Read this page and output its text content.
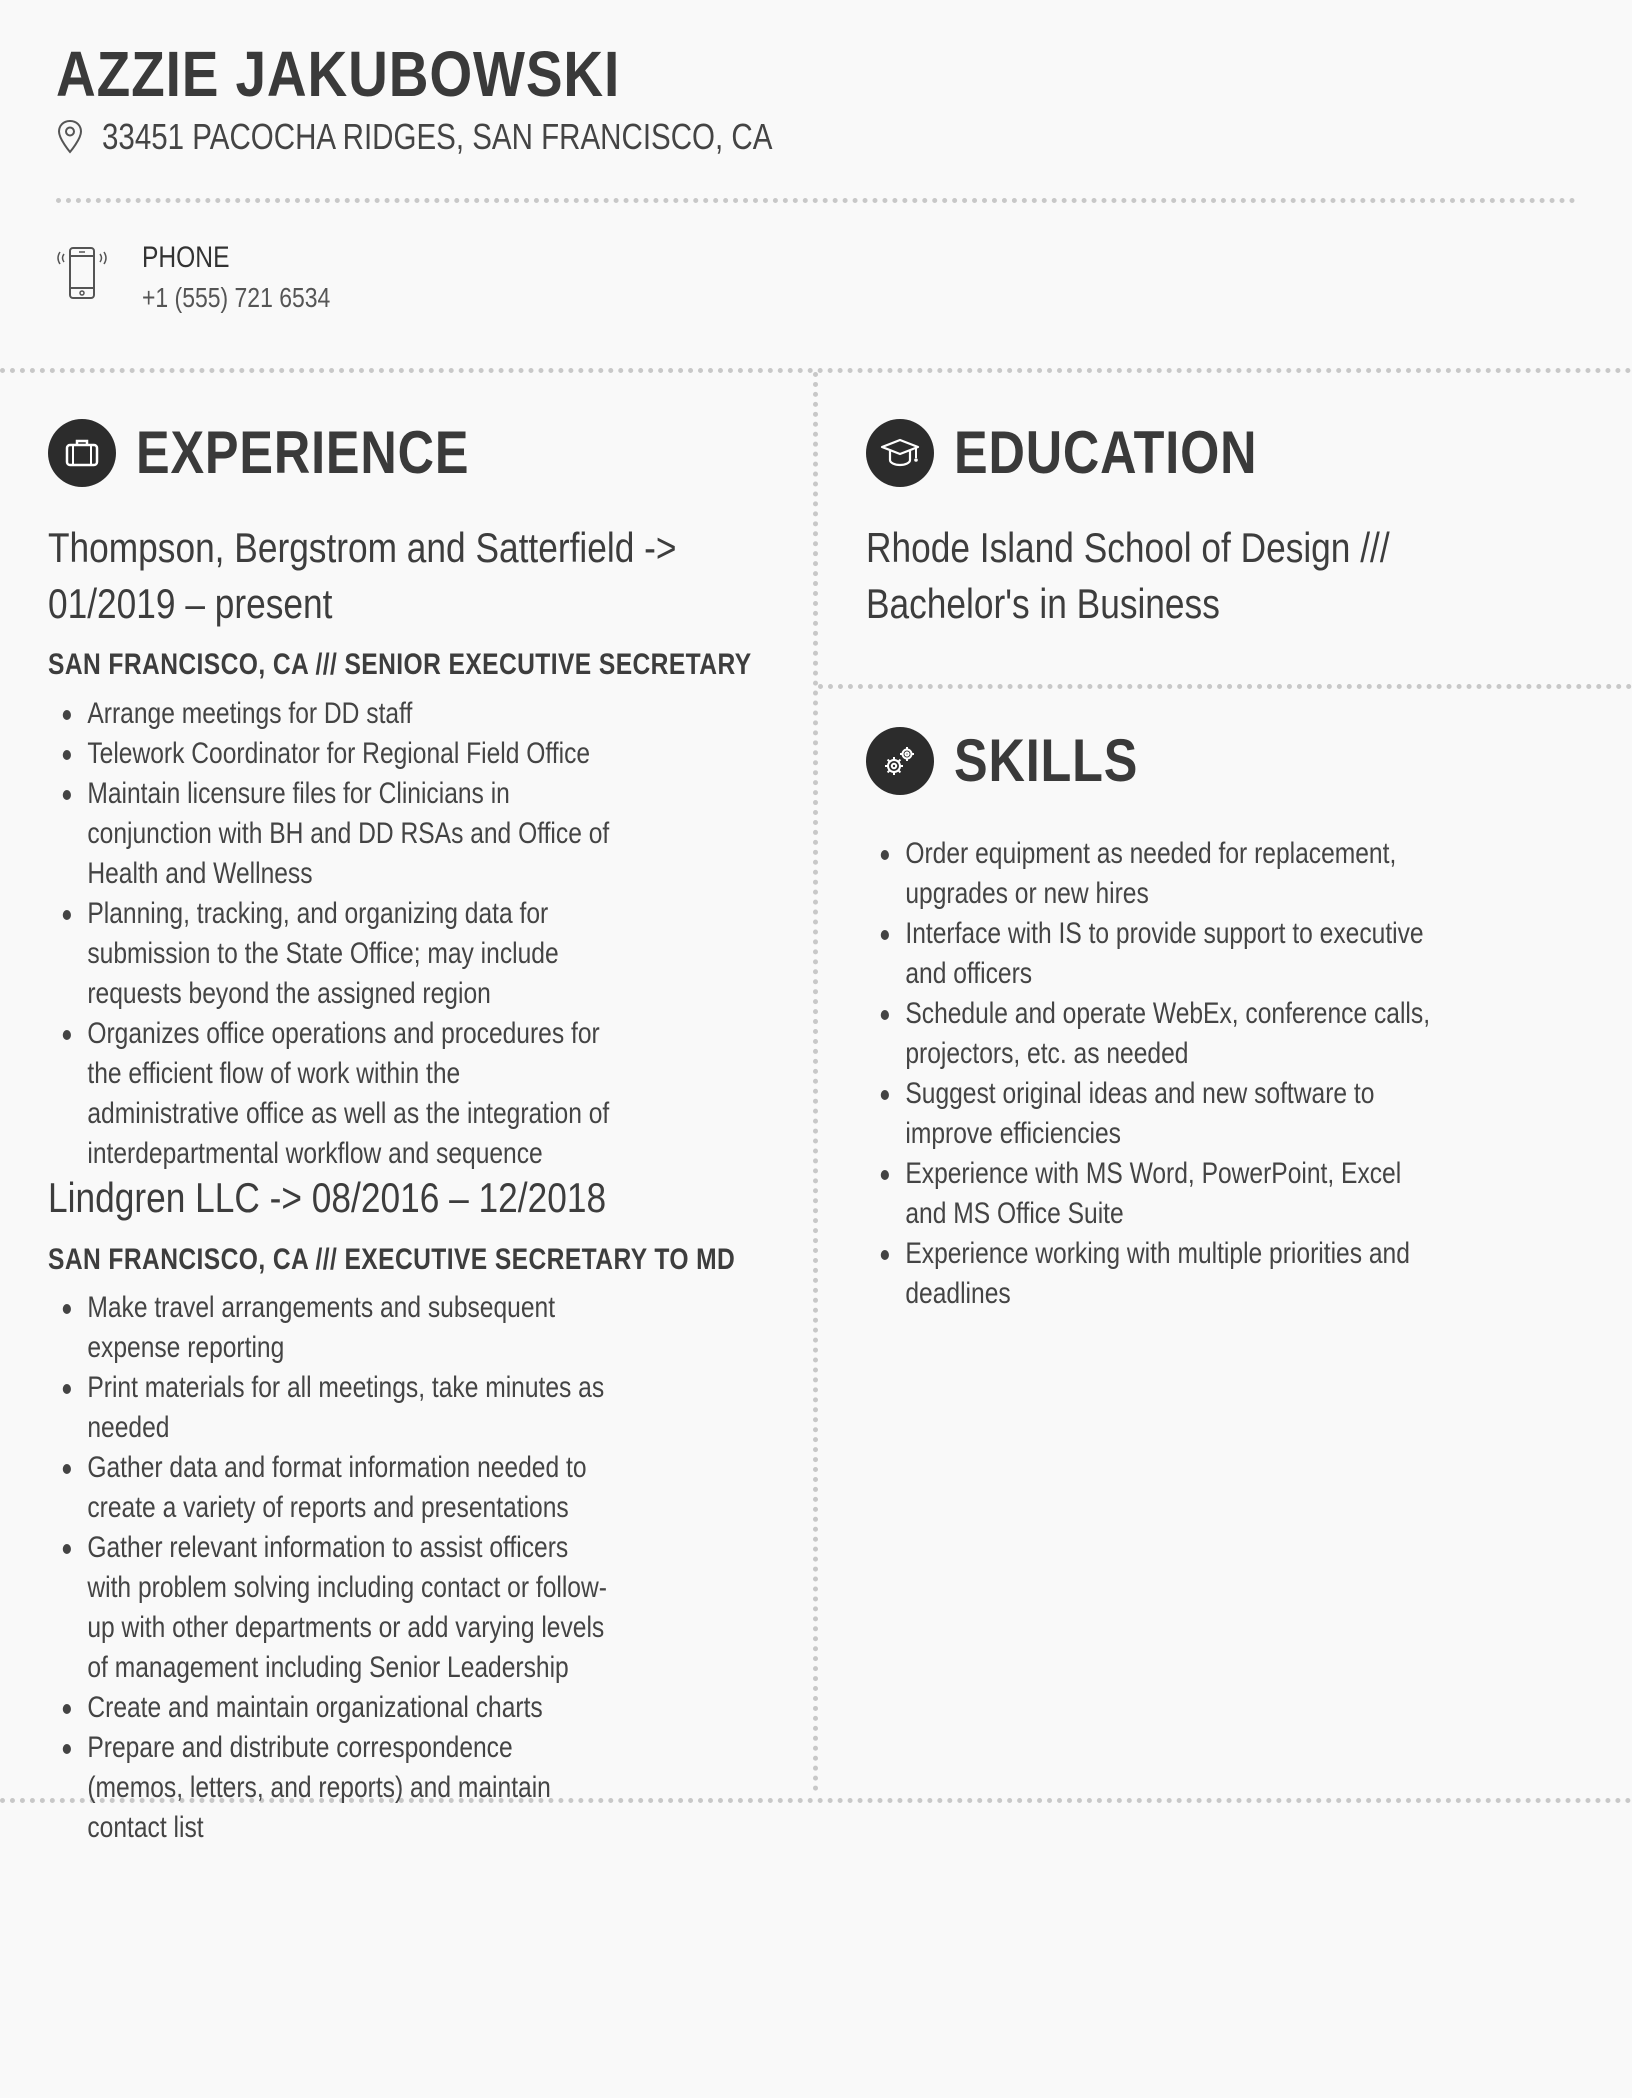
AZZIE JAKUBOWSKI
33451 PACOCHA RIDGES, SAN FRANCISCO, CA
PHONE
+1 (555) 721 6534
EXPERIENCE
Thompson, Bergstrom and Satterfield -> 01/2019 – present
SAN FRANCISCO, CA /// SENIOR EXECUTIVE SECRETARY
Arrange meetings for DD staff
Telework Coordinator for Regional Field Office
Maintain licensure files for Clinicians in conjunction with BH and DD RSAs and Office of Health and Wellness
Planning, tracking, and organizing data for submission to the State Office; may include requests beyond the assigned region
Organizes office operations and procedures for the efficient flow of work within the administrative office as well as the integration of interdepartmental workflow and sequence
Lindgren LLC -> 08/2016 – 12/2018
SAN FRANCISCO, CA /// EXECUTIVE SECRETARY TO MD
Make travel arrangements and subsequent expense reporting
Print materials for all meetings, take minutes as needed
Gather data and format information needed to create a variety of reports and presentations
Gather relevant information to assist officers with problem solving including contact or follow-up with other departments or add varying levels of management including Senior Leadership
Create and maintain organizational charts
Prepare and distribute correspondence (memos, letters, and reports) and maintain contact list
EDUCATION
Rhode Island School of Design /// Bachelor's in Business
SKILLS
Order equipment as needed for replacement, upgrades or new hires
Interface with IS to provide support to executive and officers
Schedule and operate WebEx, conference calls, projectors, etc. as needed
Suggest original ideas and new software to improve efficiencies
Experience with MS Word, PowerPoint, Excel and MS Office Suite
Experience working with multiple priorities and deadlines
